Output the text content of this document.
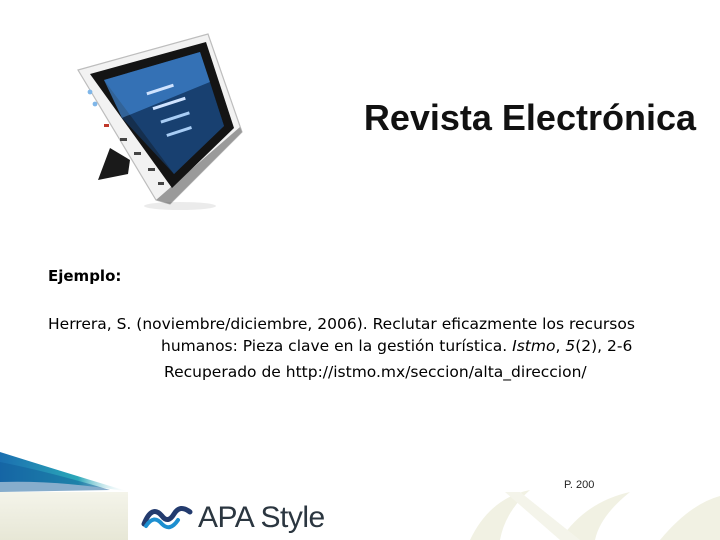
Revista Electrónica
Ejemplo:
Herrera, S. (noviembre/diciembre, 2006). Reclutar eficazmente los recursos
humanos: Pieza clave en la gestión turística. Istmo, 5(2), 2-6
Recuperado de http://istmo.mx/seccion/alta_direccion/
P. 200
APA Style
